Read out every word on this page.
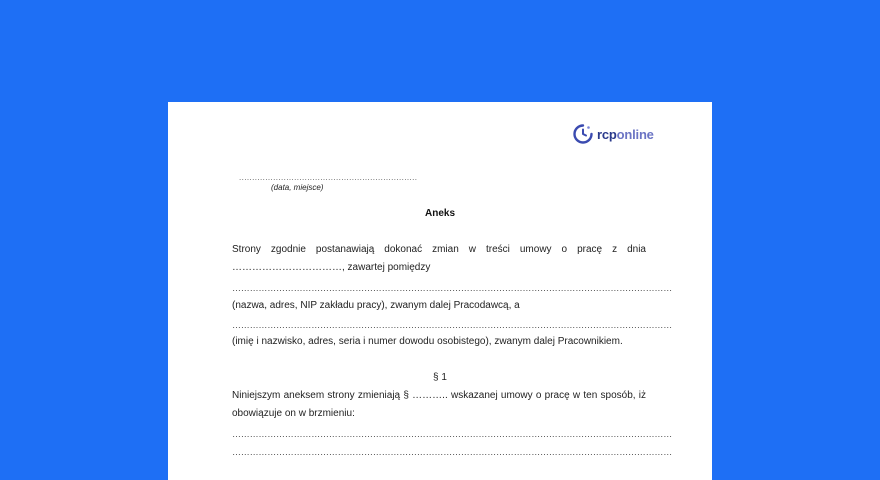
rcponline
....................................................................
(data, miejsce)
Aneks
Strony zgodnie postanawiają dokonać zmian w treści umowy o pracę z dnia
……………………………, zawartej pomiędzy
……………………………………………………………………………………………………………………………………
(nazwa, adres, NIP zakładu pracy), zwanym dalej Pracodawcą, a
……………………………………………………………………………………………………………………………………
(imię i nazwisko, adres, seria i numer dowodu osobistego), zwanym dalej Pracownikiem.
§ 1
Niniejszym aneksem strony zmieniają § ……….. wskazanej umowy o pracę w ten sposób, iż
obowiązuje on w brzmieniu:
……………………………………………………………………………………………………………………………………
……………………………………………………………………………………………………………………………………
